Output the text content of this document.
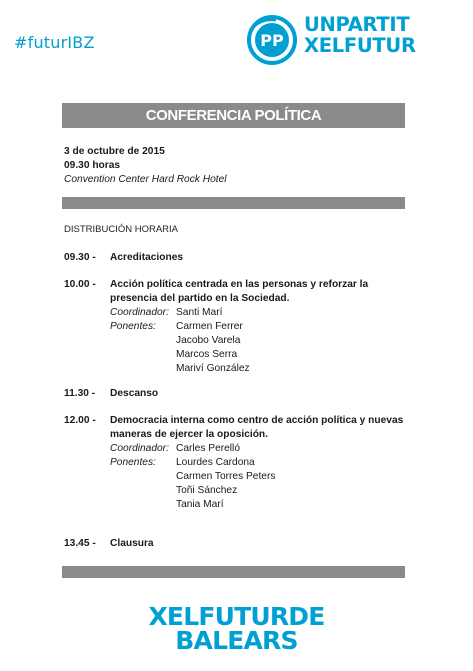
#futurIBZ	PP
UNPARTIT
XELFUTUR
CONFERENCIA POLÍTICA
3 de octubre de 2015
09.30 horas
Convention Center Hard Rock Hotel
DISTRIBUCIÓN HORARIA
09.30 -	Acreditaciones
10.00 -	Acción política centrada en las personas y reforzar la presencia del partido en la Sociedad.
Coordinador: Santi Marí
Ponentes: Carmen Ferrer
Jacobo Varela
Marcos Serra
Mariví González
11.30 -	Descanso
12.00 -	Democracia interna como centro de acción política y nuevas maneras de ejercer la oposición.
Coordinador: Carles Perelló
Ponentes: Lourdes Cardona
Carmen Torres Peters
Toñi Sánchez
Tania Marí
13.45 -	Clausura
XELFUTURDE
BALEARS
